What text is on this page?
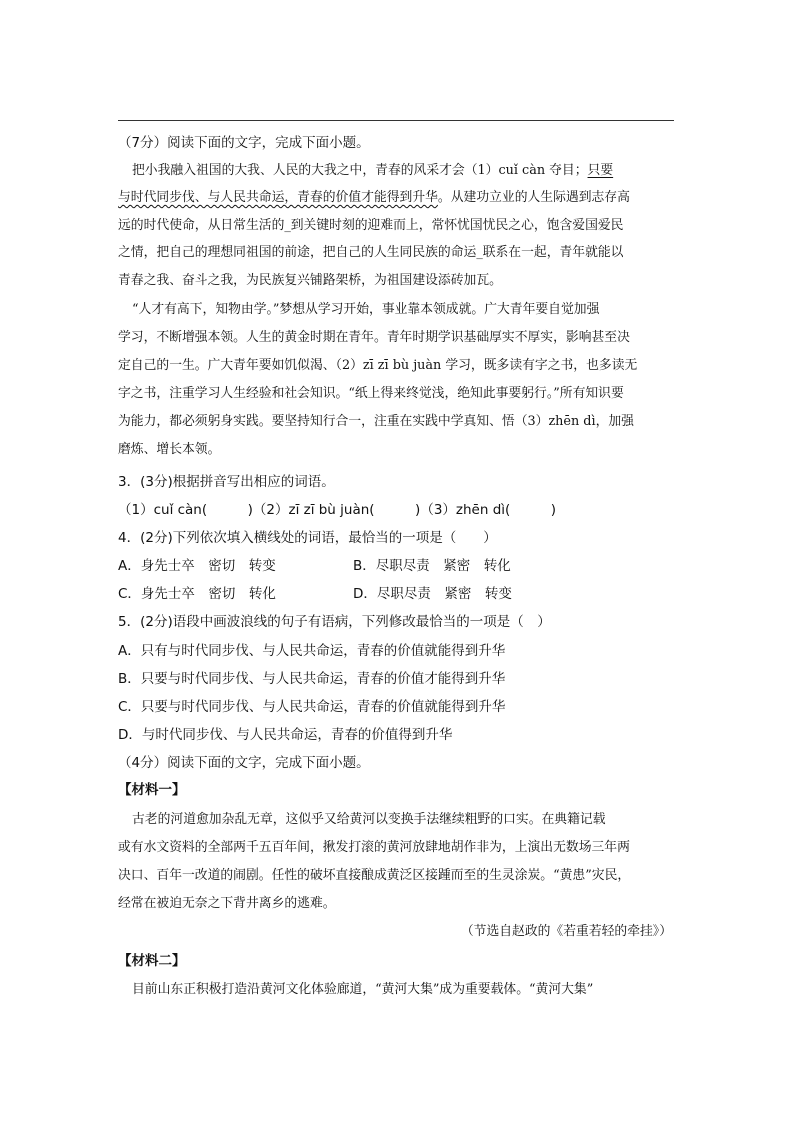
（7分）阅读下面的文字，完成下面小题。
把小我融入祖国的大我、人民的大我之中，青春的风采才会（1）cuǐ càn 夺目；只要
与时代同步伐、与人民共命运，青春的价值才能得到升华。从建功立业的人生际遇到志存高
远的时代使命，从日常生活的_到关键时刻的迎难而上，常怀忧国忧民之心，饱含爱国爱民
之情，把自己的理想同祖国的前途，把自己的人生同民族的命运_联系在一起，青年就能以
青春之我、奋斗之我，为民族复兴铺路架桥，为祖国建设添砖加瓦。
“人才有高下，知物由学。”梦想从学习开始，事业靠本领成就。广大青年要自觉加强
学习，不断增强本领。人生的黄金时期在青年。青年时期学识基础厚实不厚实，影响甚至决
定自己的一生。广大青年要如饥似渴、（2）zī zī bù juàn 学习，既多读有字之书，也多读无
字之书，注重学习人生经验和社会知识。“纸上得来终觉浅，绝知此事要躬行。”所有知识要
为能力，都必须躬身实践。要坚持知行合一，注重在实践中学真知、悟（3）zhēn dì，加强
磨炼、增长本领。
3．(3分)根据拼音写出相应的词语。
（1）cuǐ càn(　　　)（2）zī zī bù juàn(　　　)（3）zhēn dì(　　　)
4．(2分)下列依次填入横线处的词语，最恰当的一项是（　　）
A．身先士卒　密切　转变	B．尽职尽责　紧密　转化
C．身先士卒　密切　转化	D．尽职尽责　紧密　转变
5．(2分)语段中画波浪线的句子有语病，下列修改最恰当的一项是（　）
A．只有与时代同步伐、与人民共命运，青春的价值就能得到升华
B．只要与时代同步伐、与人民共命运，青春的价值才能得到升华
C．只要与时代同步伐、与人民共命运，青春的价值就能得到升华
D．与时代同步伐、与人民共命运，青春的价值得到升华
（4分）阅读下面的文字，完成下面小题。
【材料一】
古老的河道愈加杂乱无章，这似乎又给黄河以变换手法继续粗野的口实。在典籍记载
或有水文资料的全部两千五百年间，揪发打滚的黄河放肆地胡作非为，上演出无数场三年两
决口、百年一改道的闹剧。任性的破坏直接酿成黄泛区接踵而至的生灵涂炭。“黄患”灾民，
经常在被迫无奈之下背井离乡的逃难。
（节选自赵政的《若重若轻的牵挂》）
【材料二】
目前山东正积极打造沿黄河文化体验廊道，“黄河大集”成为重要载体。“黄河大集”
